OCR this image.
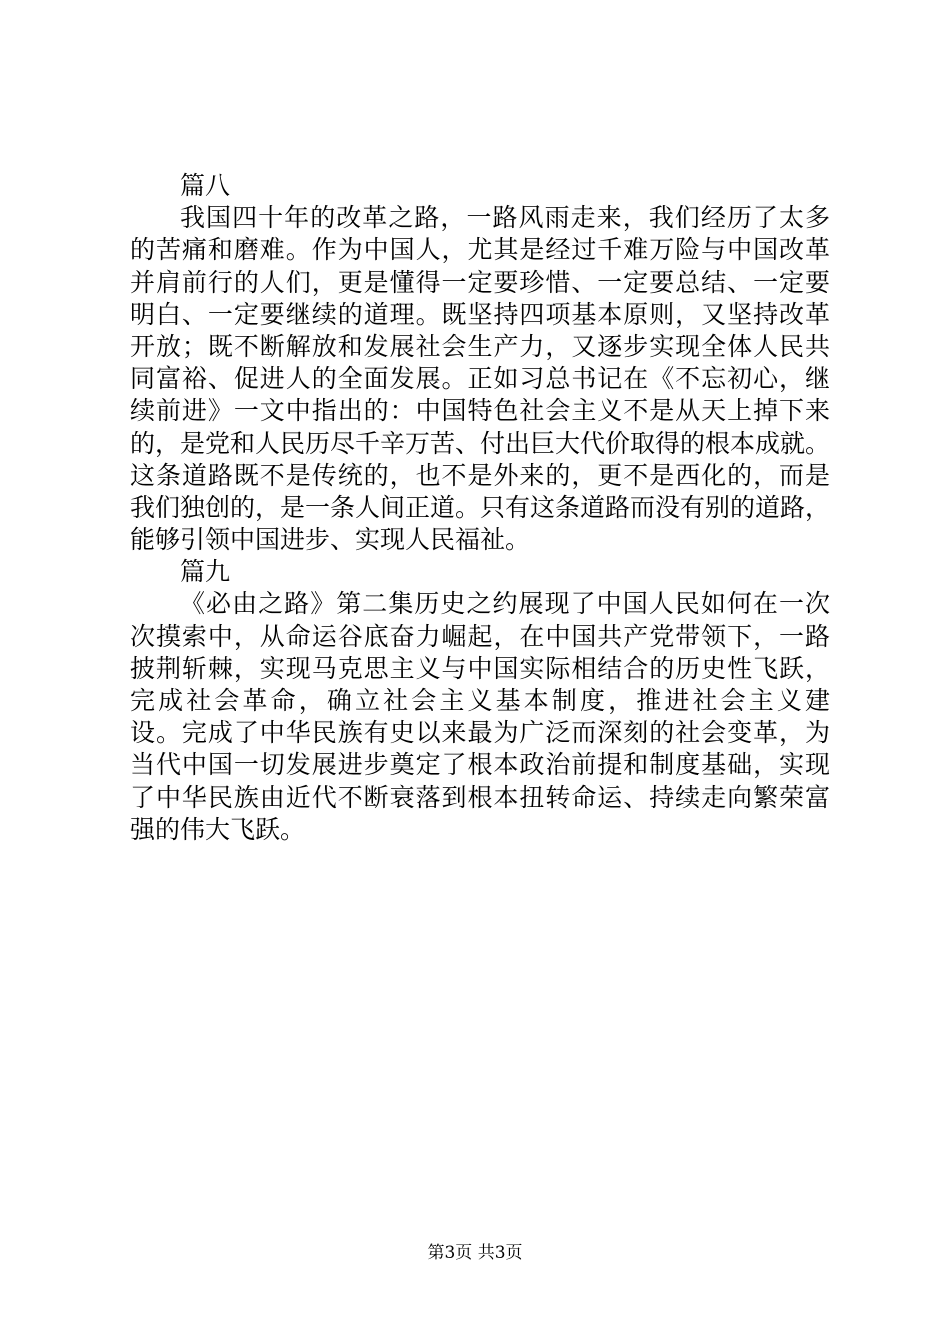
篇八
我国四十年的改革之路，一路风雨走来，我们经历了太多
的苦痛和磨难。作为中国人，尤其是经过千难万险与中国改革
并肩前行的人们，更是懂得一定要珍惜、一定要总结、一定要
明白、一定要继续的道理。既坚持四项基本原则，又坚持改革
开放；既不断解放和发展社会生产力，又逐步实现全体人民共
同富裕、促进人的全面发展。正如习总书记在《不忘初心，继
续前进》一文中指出的：中国特色社会主义不是从天上掉下来
的，是党和人民历尽千辛万苦、付出巨大代价取得的根本成就。
这条道路既不是传统的，也不是外来的，更不是西化的，而是
我们独创的，是一条人间正道。只有这条道路而没有别的道路，
能够引领中国进步、实现人民福祉。
篇九
《必由之路》第二集历史之约展现了中国人民如何在一次
次摸索中，从命运谷底奋力崛起，在中国共产党带领下，一路
披荆斩棘，实现马克思主义与中国实际相结合的历史性飞跃，
完成社会革命，确立社会主义基本制度，推进社会主义建
设。完成了中华民族有史以来最为广泛而深刻的社会变革，为
当代中国一切发展进步奠定了根本政治前提和制度基础，实现
了中华民族由近代不断衰落到根本扭转命运、持续走向繁荣富
强的伟大飞跃。
第3页 共3页
